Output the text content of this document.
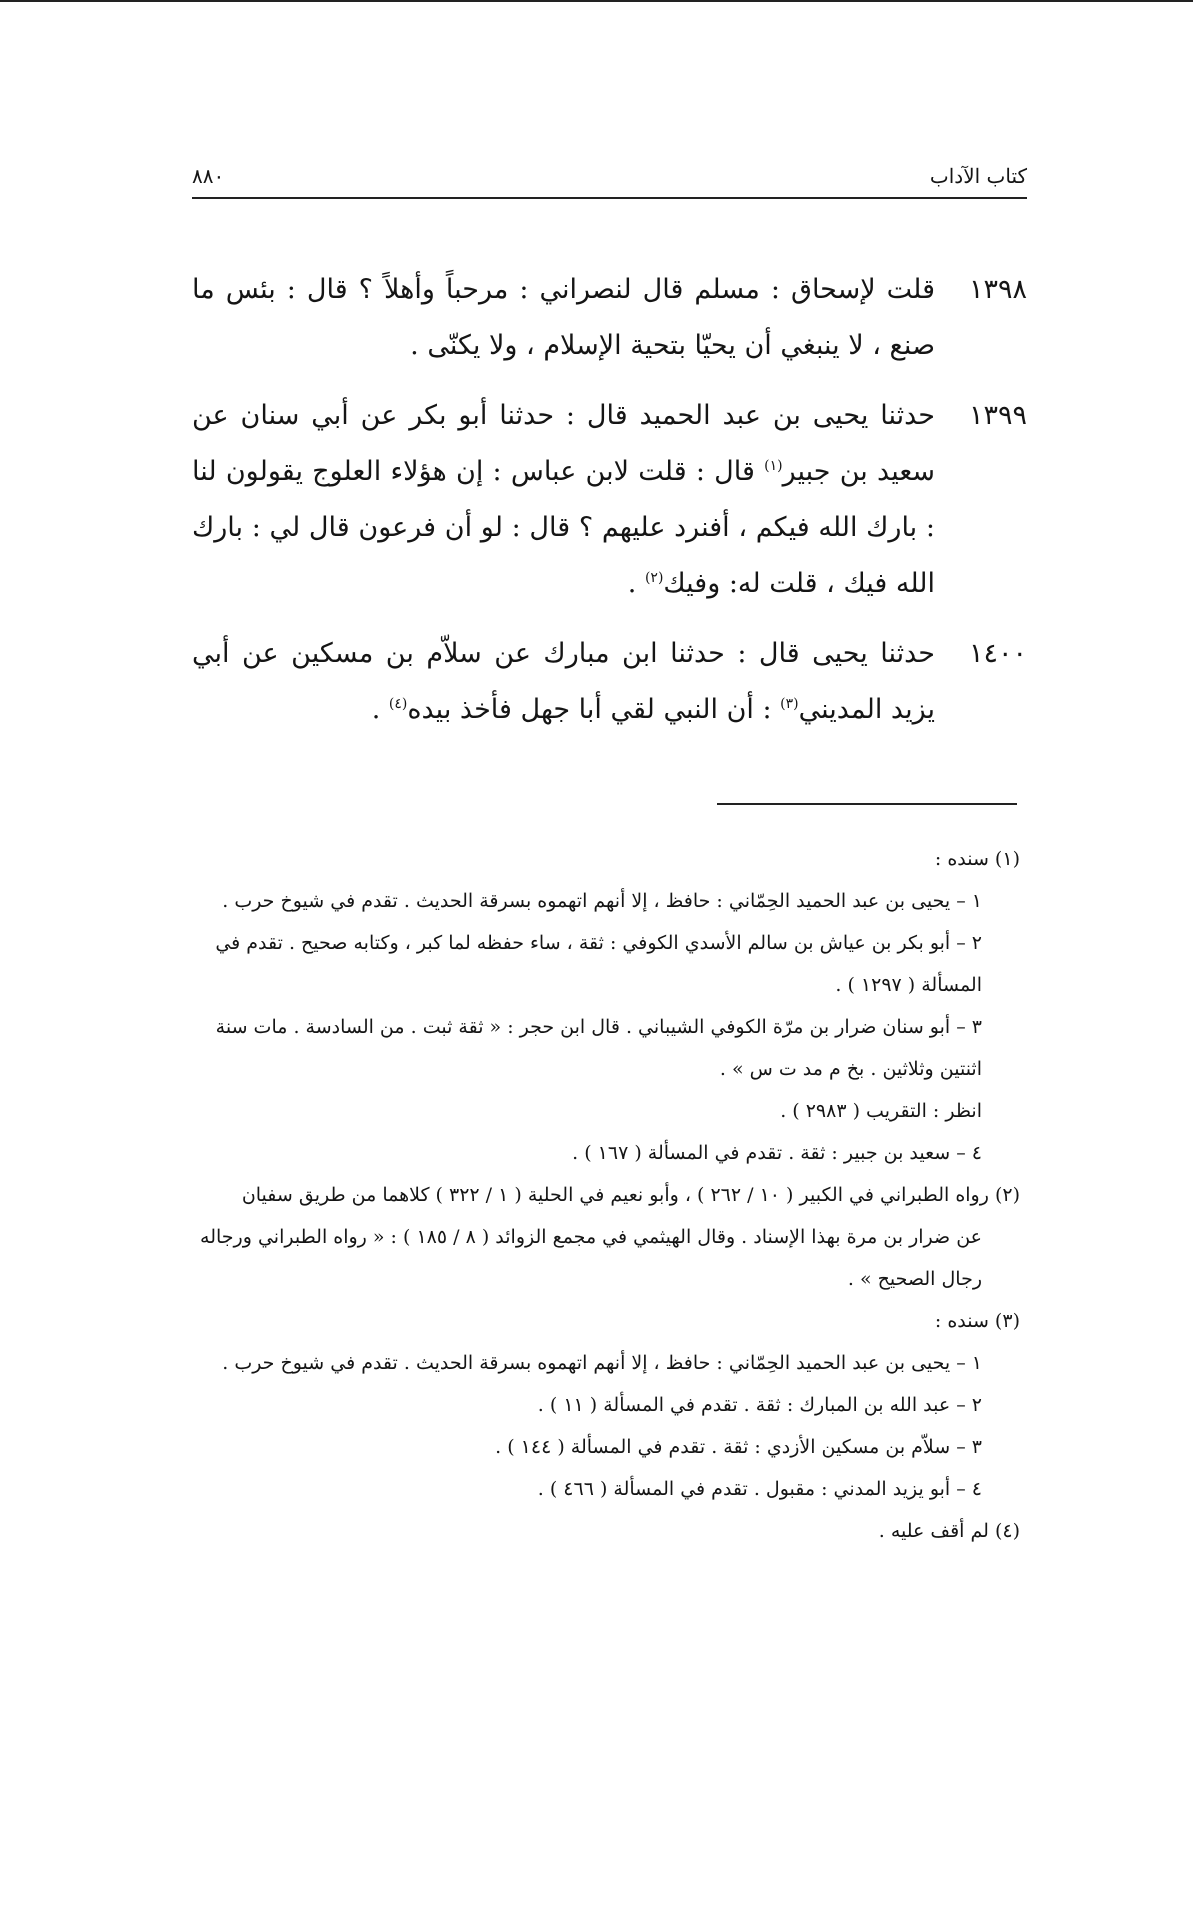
كتاب الآداب
٨٨٠
١٣٩٨
قلت لإسحاق : مسلم قال لنصراني : مرحباً وأهلاً ؟ قال : بئس ما صنع ، لا ينبغي أن يحيّا بتحية الإسلام ، ولا يكنّى .
١٣٩٩
حدثنا يحيى بن عبد الحميد قال : حدثنا أبو بكر عن أبي سنان عن سعيد بن جبير$^{(١)}$ قال : قلت لابن عباس : إن هؤلاء العلوج يقولون لنا : بارك الله فيكم ، أفنرد عليهم ؟ قال : لو أن فرعون قال لي : بارك الله فيك ، قلت له: وفيك$^{(٢)}$ .
١٤٠٠
حدثنا يحيى قال : حدثنا ابن مبارك عن سلاّم بن مسكين عن أبي يزيد المديني$^{(٣)}$ : أن النبي لقي أبا جهل فأخذ بيده$^{(٤)}$ .
(١) سنده :
١ – يحيى بن عبد الحميد الحِمّاني : حافظ ، إلا أنهم اتهموه بسرقة الحديث . تقدم في شيوخ حرب .
٢ – أبو بكر بن عياش بن سالم الأسدي الكوفي : ثقة ، ساء حفظه لما كبر ، وكتابه صحيح . تقدم في
المسألة ( ١٢٩٧ ) .
٣ – أبو سنان ضرار بن مرّة الكوفي الشيباني . قال ابن حجر : « ثقة ثبت . من السادسة . مات سنة
اثنتين وثلاثين . بخ م مد ت س » .
انظر : التقريب ( ٢٩٨٣ ) .
٤ – سعيد بن جبير : ثقة . تقدم في المسألة ( ١٦٧ ) .
(٢) رواه الطبراني في الكبير ( ١٠ / ٢٦٢ ) ، وأبو نعيم في الحلية ( ١ / ٣٢٢ ) كلاهما من طريق سفيان
عن ضرار بن مرة بهذا الإسناد . وقال الهيثمي في مجمع الزوائد ( ٨ / ١٨٥ ) : « رواه الطبراني ورجاله
رجال الصحيح » .
(٣) سنده :
١ – يحيى بن عبد الحميد الحِمّاني : حافظ ، إلا أنهم اتهموه بسرقة الحديث . تقدم في شيوخ حرب .
٢ – عبد الله بن المبارك : ثقة . تقدم في المسألة ( ١١ ) .
٣ – سلاّم بن مسكين الأزدي : ثقة . تقدم في المسألة ( ١٤٤ ) .
٤ – أبو يزيد المدني : مقبول . تقدم في المسألة ( ٤٦٦ ) .
(٤) لم أقف عليه .
